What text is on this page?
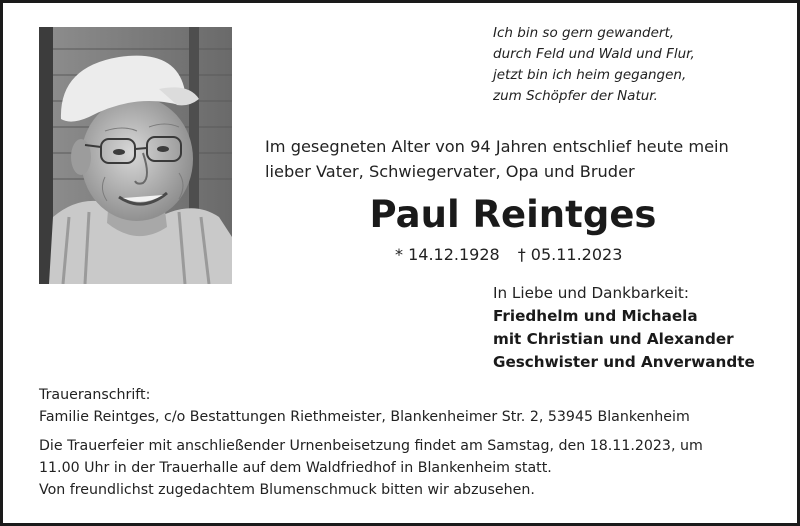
Ich bin so gern gewandert,
durch Feld und Wald und Flur,
jetzt bin ich heim gegangen,
zum Schöpfer der Natur.
Im gesegneten Alter von 94 Jahren entschlief heute mein
lieber Vater, Schwiegervater, Opa und Bruder
Paul Reintges
* 14.12.1928 † 05.11.2023
In Liebe und Dankbarkeit:
Friedhelm und Michaela
mit Christian und Alexander
Geschwister und Anverwandte
Traueranschrift:
Familie Reintges, c/o Bestattungen Riethmeister, Blankenheimer Str. 2, 53945 Blankenheim
Die Trauerfeier mit anschließender Urnenbeisetzung findet am Samstag, den 18.11.2023, um
11.00 Uhr in der Trauerhalle auf dem Waldfriedhof in Blankenheim statt.
Von freundlichst zugedachtem Blumenschmuck bitten wir abzusehen.
